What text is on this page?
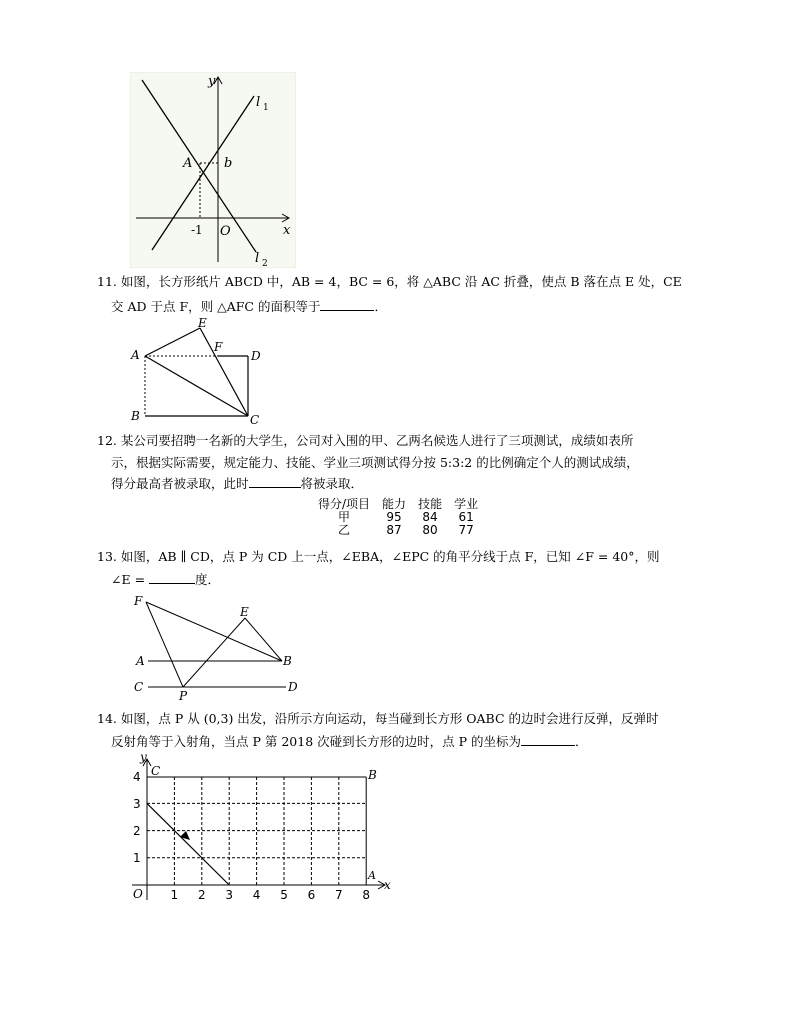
y
l 1
l 2
A b
-1 O	x
11. 如图，长方形纸片 ABCD 中，AB = 4，BC = 6，将 △ABC 沿 AC 折叠，使点 B 落在点 E 处，CE
交 AD 于点 F，则 △AFC 的面积等于	．
A
B	C
D
E
F
12. 某公司要招聘一名新的大学生，公司对入围的甲、乙两名候选人进行了三项测试，成绩如表所
示，根据实际需要，规定能力、技能、学业三项测试得分按 5:3:2 的比例确定个人的测试成绩，
得分最高者被录取，此时	将被录取．
得分/项目	能力	技能	学业
甲	95	84	61
乙	87	80	77
13. 如图，AB ∥ CD，点 P 为 CD 上一点，∠EBA，∠EPC 的角平分线于点 F，已知 ∠F = 40°，则
∠E =	度．
F
E
A	B
C
P
D
14. 如图，点 P 从 (0,3) 出发，沿所示方向运动，每当碰到长方形 OABC 的边时会进行反弹，反弹时
反射角等于入射角，当点 P 第 2018 次碰到长方形的边时，点 P 的坐标为	．
y
x
O
A
B
C
1
2
3
4
1 2 3 4 5 6 7 8
